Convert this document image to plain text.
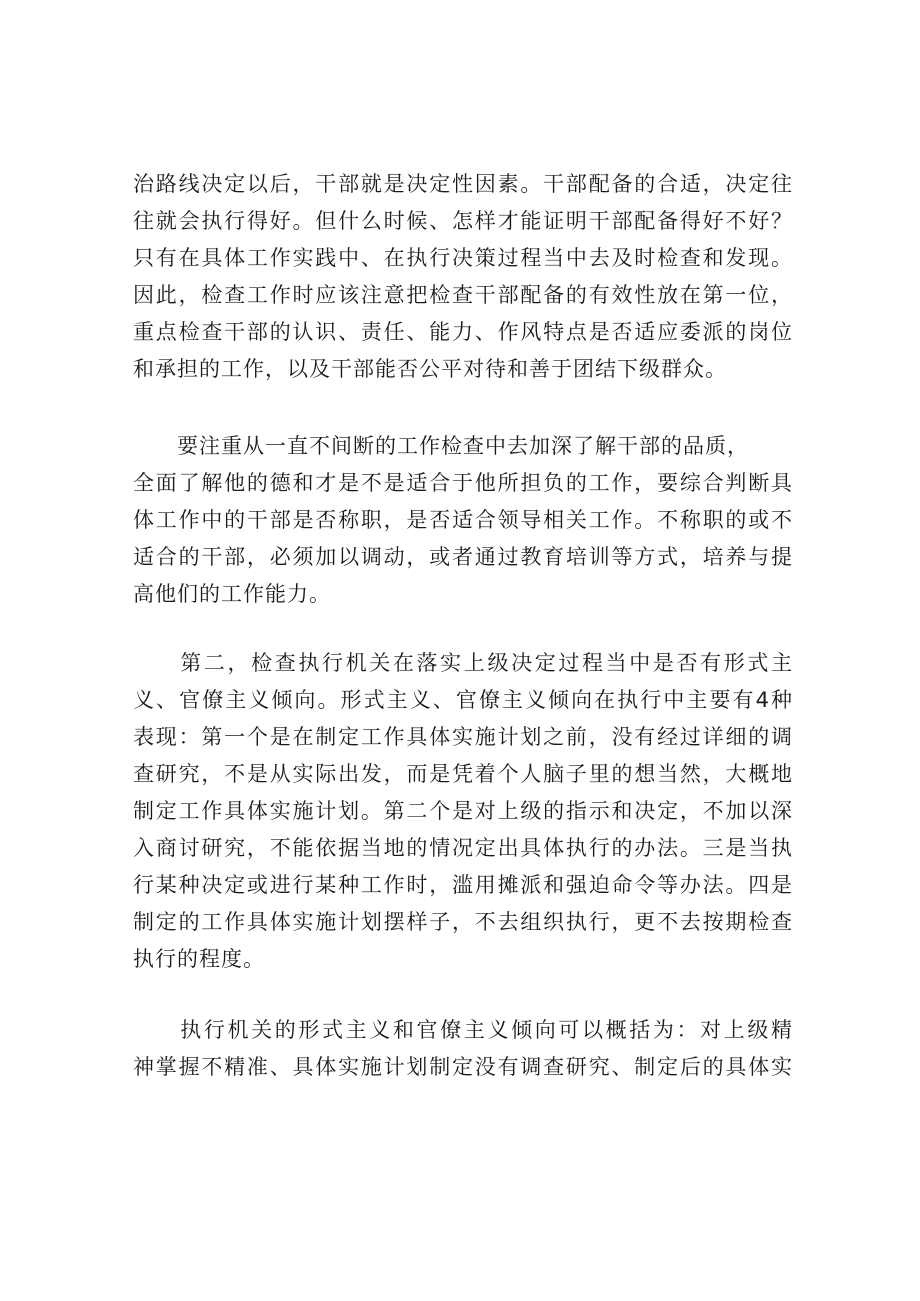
治路线决定以后，干部就是决定性因素。干部配备的合适，决定往
往就会执行得好。但什么时候、怎样才能证明干部配备得好不好？
只有在具体工作实践中、在执行决策过程当中去及时检查和发现。
因此，检查工作时应该注意把检查干部配备的有效性放在第一位，
重点检查干部的认识、责任、能力、作风特点是否适应委派的岗位
和承担的工作，以及干部能否公平对待和善于团结下级群众。
　　要注重从一直不间断的工作检查中去加深了解干部的品质，
全面了解他的德和才是不是适合于他所担负的工作，要综合判断具
体工作中的干部是否称职，是否适合领导相关工作。不称职的或不
适合的干部，必须加以调动，或者通过教育培训等方式，培养与提
高他们的工作能力。
　　第二，检查执行机关在落实上级决定过程当中是否有形式主
义、官僚主义倾向。形式主义、官僚主义倾向在执行中主要有4种
表现：第一个是在制定工作具体实施计划之前，没有经过详细的调
查研究，不是从实际出发，而是凭着个人脑子里的想当然，大概地
制定工作具体实施计划。第二个是对上级的指示和决定，不加以深
入商讨研究，不能依据当地的情况定出具体执行的办法。三是当执
行某种决定或进行某种工作时，滥用摊派和强迫命令等办法。四是
制定的工作具体实施计划摆样子，不去组织执行，更不去按期检查
执行的程度。
　　执行机关的形式主义和官僚主义倾向可以概括为：对上级精
神掌握不精准、具体实施计划制定没有调查研究、制定后的具体实
